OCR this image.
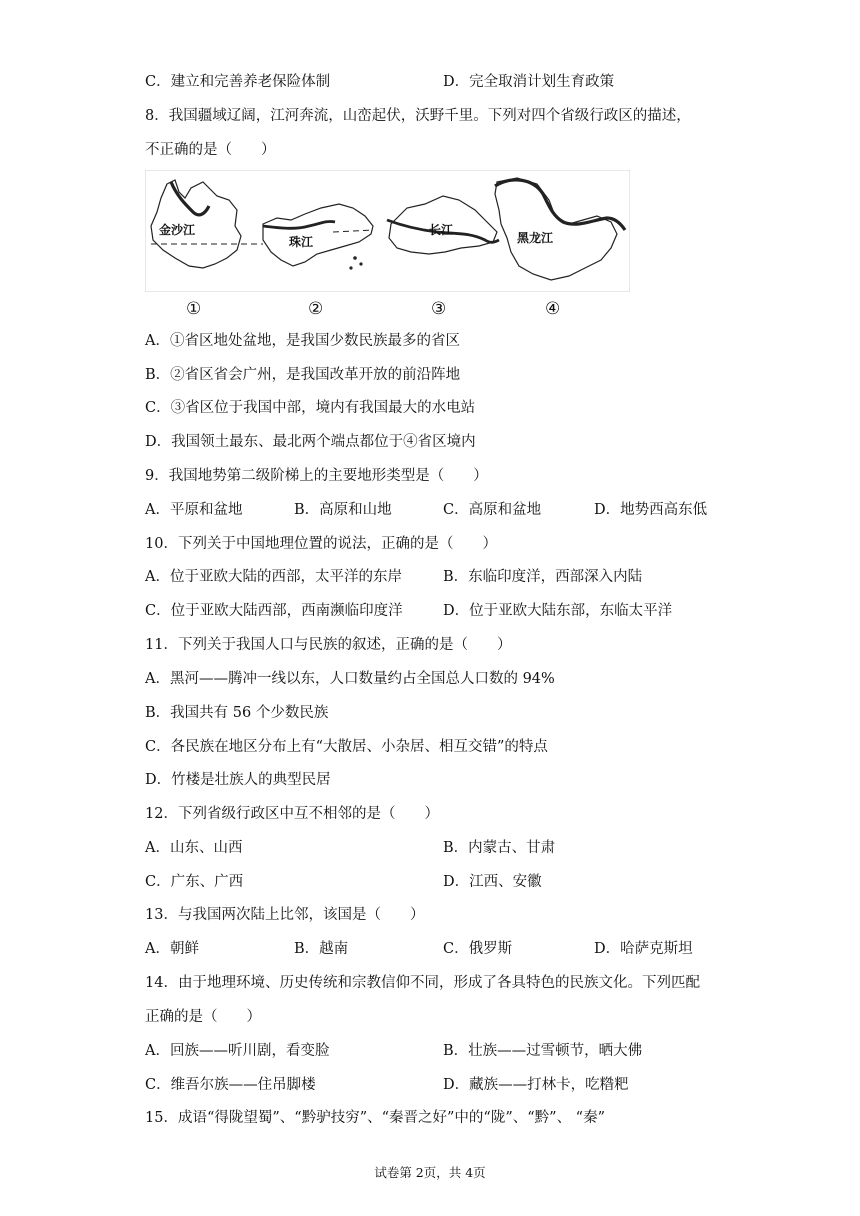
C．建立和完善养老保险体制	D．完全取消计划生育政策
8．我国疆域辽阔，江河奔流，山峦起伏，沃野千里。下列对四个省级行政区的描述，
不正确的是（　　）
金沙江
珠江
长江
黑龙江
①	②	③	④
A．①省区地处盆地，是我国少数民族最多的省区
B．②省区省会广州，是我国改革开放的前沿阵地
C．③省区位于我国中部，境内有我国最大的水电站
D．我国领土最东、最北两个端点都位于④省区境内
9．我国地势第二级阶梯上的主要地形类型是（　　）
A．平原和盆地	B．高原和山地	C．高原和盆地	D．地势西高东低
10．下列关于中国地理位置的说法，正确的是（　　）
A．位于亚欧大陆的西部，太平洋的东岸	B．东临印度洋，西部深入内陆
C．位于亚欧大陆西部，西南濒临印度洋	D．位于亚欧大陆东部，东临太平洋
11．下列关于我国人口与民族的叙述，正确的是（　　）
A．黑河——腾冲一线以东，人口数量约占全国总人口数的 94%
B．我国共有 56 个少数民族
C．各民族在地区分布上有“大散居、小杂居、相互交错”的特点
D．竹楼是壮族人的典型民居
12．下列省级行政区中互不相邻的是（　　）
A．山东、山西	B．内蒙古、甘肃
C．广东、广西	D．江西、安徽
13．与我国两次陆上比邻，该国是（　　）
A．朝鲜	B．越南	C．俄罗斯	D．哈萨克斯坦
14．由于地理环境、历史传统和宗教信仰不同，形成了各具特色的民族文化。下列匹配
正确的是（　　）
A．回族——听川剧，看变脸	B．壮族——过雪顿节，晒大佛
C．维吾尔族——住吊脚楼	D．藏族——打林卡，吃糌粑
15．成语“得陇望蜀”、“黔驴技穷”、“秦晋之好”中的“陇”、“黔”、 “秦”
试卷第 2页，共 4页
